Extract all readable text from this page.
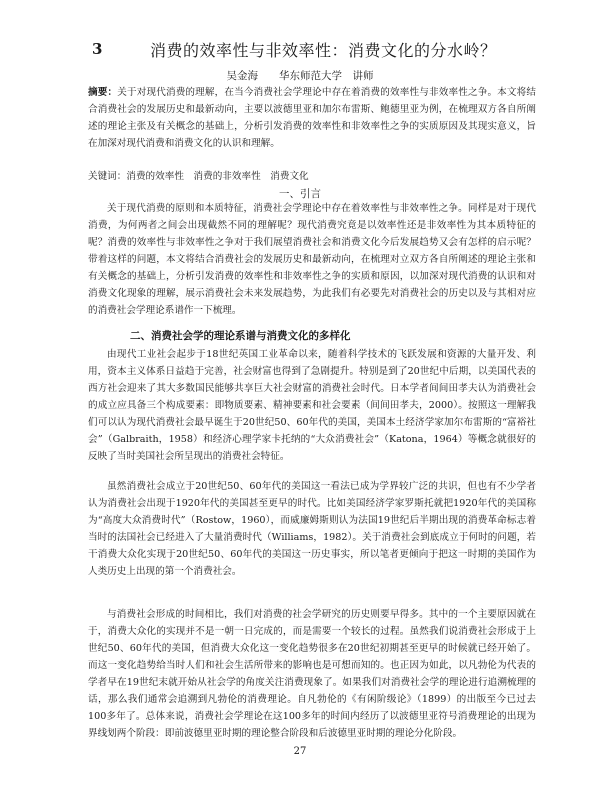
3	消费的效率性与非效率性：消费文化的分水岭？
吴金海　　华东师范大学　讲师

摘要：关于对现代消费的理解，在当今消费社会学理论中存在着消费的效率性与非效率性之争。本文将结合消费社会的发展历史和最新动向，主要以波德里亚和加尔布雷斯、鲍德里亚为例，在梳理双方各自所阐述的理论主张及有关概念的基础上，分析引发消费的效率性和非效率性之争的实质原因及其现实意义，旨在加深对现代消费和消费文化的认识和理解。

关键词：消费的效率性　消费的非效率性　消费文化

一、引言

关于现代消费的原则和本质特征，消费社会学理论中存在着效率性与非效率性之争。同样是对于现代消费，为何两者之间会出现截然不同的理解呢？现代消费究竟是以效率性还是非效率性为其本质特征的呢？消费的效率性与非效率性之争对于我们展望消费社会和消费文化今后发展趋势又会有怎样的启示呢？带着这样的问题，本文将结合消费社会的发展历史和最新动向，在梳理对立双方各自所阐述的理论主张和有关概念的基础上，分析引发消费的效率性和非效率性之争的实质和原因，以加深对现代消费的认识和对消费文化现象的理解，展示消费社会未来发展趋势，为此我们有必要先对消费社会的历史以及与其相对应的消费社会学理论系谱作一下梳理。

二、消费社会学的理论系谱与消费文化的多样化

由现代工业社会起步于18世纪英国工业革命以来，随着科学技术的飞跃发展和资源的大量开发、利用，资本主义体系日益趋于完善，社会财富也得到了急剧提升。特别是到了20世纪中后期，以美国代表的西方社会迎来了其大多数国民能够共享巨大社会财富的消费社会时代。日本学者间间田孝夫认为消费社会的成立应具备三个构成要素：即物质要素、精神要素和社会要素（间间田孝夫，2000）。按照这一理解我们可以认为现代消费社会最早诞生于20世纪50、60年代的美国，美国本土经济学家加尔布雷斯的“富裕社会”（Galbraith，1958）和经济心理学家卡托纳的“大众消费社会”（Katona，1964）等概念就很好的反映了当时美国社会所呈现出的消费社会特征。

虽然消费社会成立于20世纪50、60年代的美国这一看法已成为学界较广泛的共识，但也有不少学者认为消费社会出现于1920年代的美国甚至更早的时代。比如美国经济学家罗斯托就把1920年代的美国称为“高度大众消费时代”（Rostow，1960），而威廉姆斯则认为法国19世纪后半期出现的消费革命标志着当时的法国社会已经进入了大量消费时代（Williams，1982）。关于消费社会到底成立于何时的问题，若干消费大众化实现于20世纪50、60年代的美国这一历史事实，所以笔者更倾向于把这一时期的美国作为人类历史上出现的第一个消费社会。

与消费社会形成的时间相比，我们对消费的社会学研究的历史则要早得多。其中的一个主要原因就在于，消费大众化的实现并不是一朝一日完成的，而是需要一个较长的过程。虽然我们说消费社会形成于上世纪50、60年代的美国，但消费大众化这一变化趋势很多在20世纪初期甚至更早的时候就已经开始了。而这一变化趋势给当时人们和社会生活所带来的影响也是可想而知的。也正因为如此，以凡勃伦为代表的学者早在19世纪末就开始从社会学的角度关注消费现象了。如果我们对消费社会学的理论进行追溯梳理的话，那么我们通常会追溯到凡勃伦的消费理论。自凡勃伦的《有闲阶级论》（1899）的出版至今已过去100多年了。总体来说，消费社会学理论在这100多年的时间内经历了以波德里亚符号消费理论的出现为界线划两个阶段：即前波德里亚时期的理论整合阶段和后波德里亚时期的理论分化阶段。

27
